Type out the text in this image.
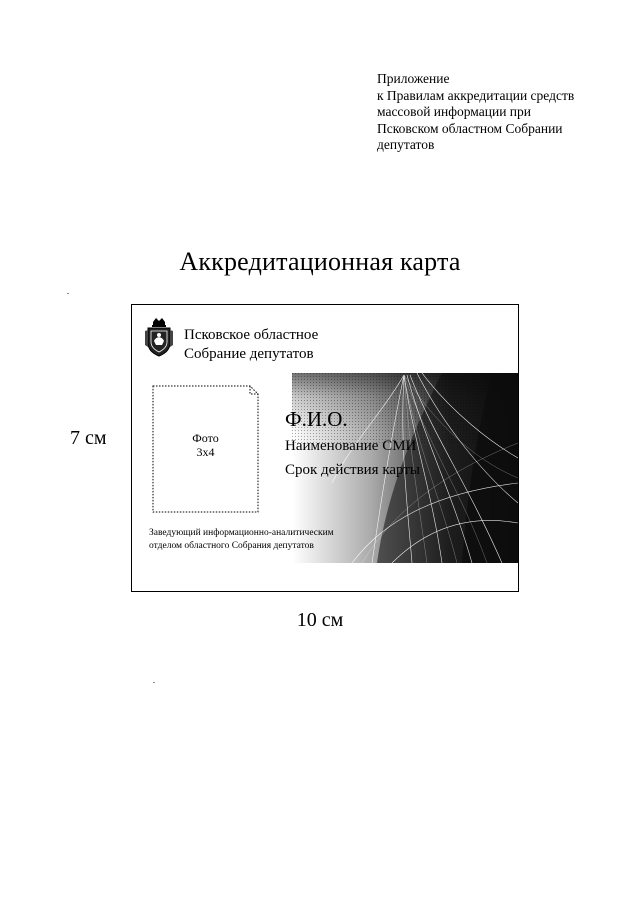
Приложение
к Правилам аккредитации средств
массовой информации при
Псковском областном Собрании
депутатов
Аккредитационная карта
Псковское областное
Собрание депутатов
Фото
3х4
Ф.И.О.
Наименование СМИ
Срок действия карты
Заведующий информационно-аналитическим
отделом областного Собрания депутатов
7 см
10 см
